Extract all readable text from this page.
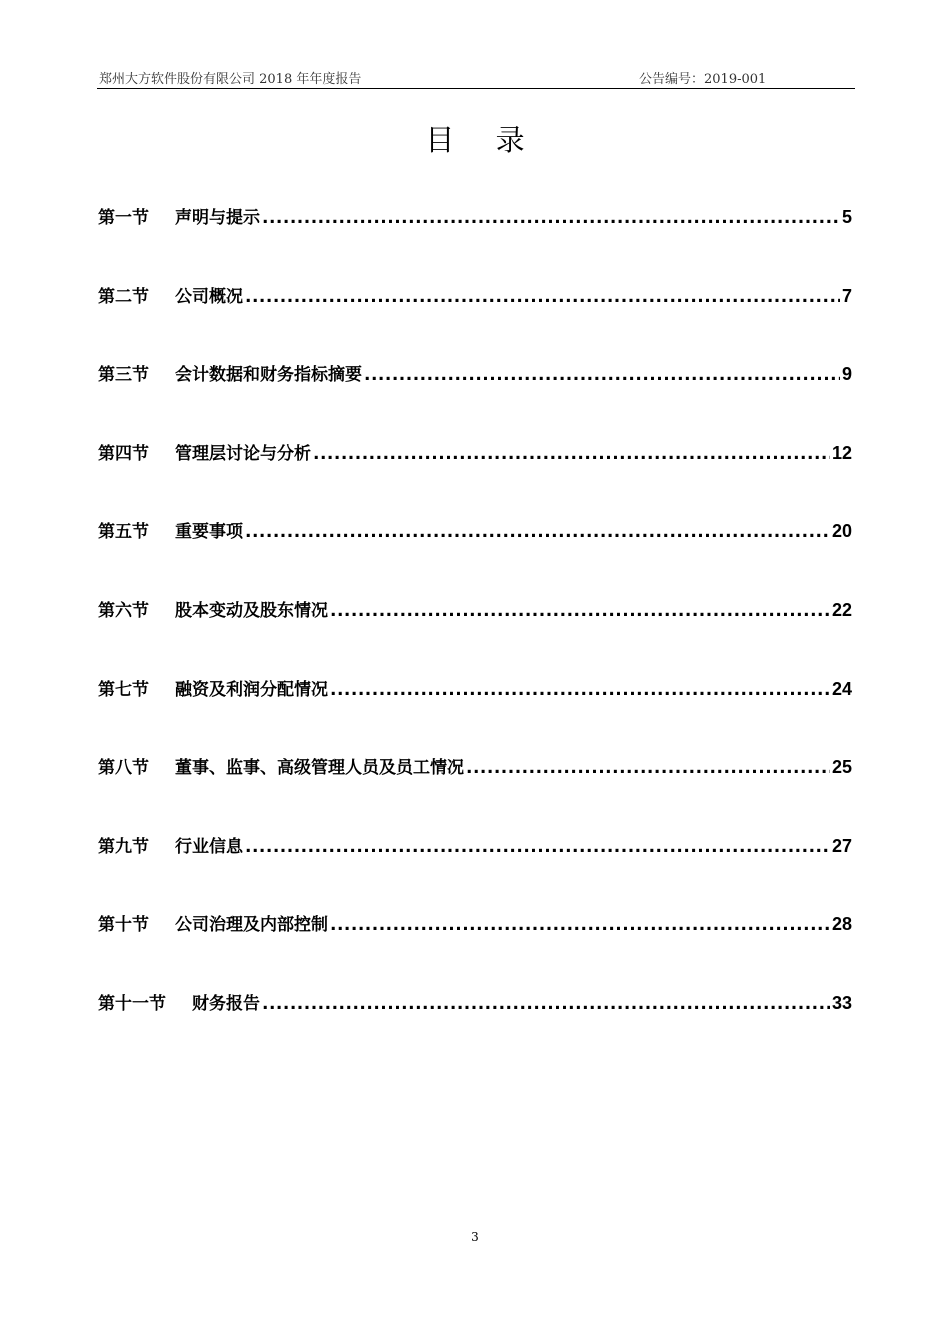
郑州大方软件股份有限公司 2018 年年度报告	公告编号：2019-001
目 录
第一节 声明与提示 .....	5
第二节 公司概况 .....	7
第三节 会计数据和财务指标摘要 .....	9
第四节 管理层讨论与分析 .....	12
第五节 重要事项 .....	20
第六节 股本变动及股东情况 .....	22
第七节 融资及利润分配情况 .....	24
第八节 董事、监事、高级管理人员及员工情况 .....	25
第九节 行业信息 .....	27
第十节 公司治理及内部控制 .....	28
第十一节 财务报告 .....	33
3
